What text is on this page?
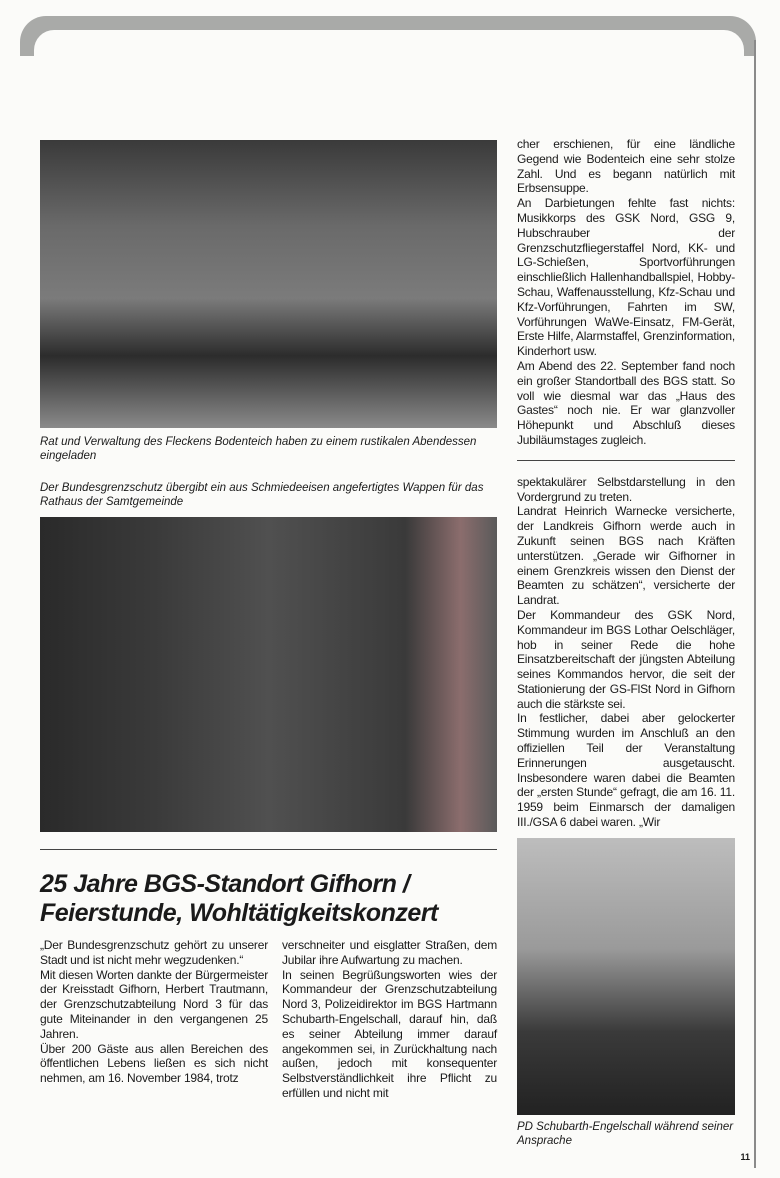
Rat und Verwaltung des Fleckens Bodenteich haben zu einem rustikalen Abendessen eingeladen
Der Bundesgrenzschutz übergibt ein aus Schmiedeeisen angefertigtes Wappen für das Rathaus der Samtgemeinde
25 Jahre BGS-Standort Gifhorn / Feierstunde, Wohltätigkeitskonzert

„Der Bundesgrenzschutz gehört zu unserer Stadt und ist nicht mehr wegzudenken.“

Mit diesen Worten dankte der Bürgermeister der Kreisstadt Gifhorn, Herbert Trautmann, der Grenzschutzabteilung Nord 3 für das gute Miteinander in den vergangenen 25 Jahren.

Über 200 Gäste aus allen Bereichen des öffentlichen Lebens ließen es sich nicht nehmen, am 16. November 1984, trotz

verschneiter und eisglatter Straßen, dem Jubilar ihre Aufwartung zu machen.

In seinen Begrüßungsworten wies der Kommandeur der Grenzschutzabteilung Nord 3, Polizeidirektor im BGS Hartmann Schubarth-Engelschall, darauf hin, daß es seiner Abteilung immer darauf angekommen sei, in Zurückhaltung nach außen, jedoch mit konsequenter Selbstverständlichkeit ihre Pflicht zu erfüllen und nicht mit

cher erschienen, für eine ländliche Gegend wie Bodenteich eine sehr stolze Zahl. Und es begann natürlich mit Erbsensuppe.

An Darbietungen fehlte fast nichts: Musikkorps des GSK Nord, GSG 9, Hubschrauber der Grenzschutzfliegerstaffel Nord, KK- und LG-Schießen, Sportvorführungen einschließlich Hallenhandballspiel, Hobby-Schau, Waffenausstellung, Kfz-Schau und Kfz-Vorführungen, Fahrten im SW, Vorführungen WaWe-Einsatz, FM-Gerät, Erste Hilfe, Alarmstaffel, Grenzinformation, Kinderhort usw.

Am Abend des 22. September fand noch ein großer Standortball des BGS statt. So voll wie diesmal war das „Haus des Gastes“ noch nie. Er war glanzvoller Höhepunkt und Abschluß dieses Jubiläumstages zugleich.

spektakulärer Selbstdarstellung in den Vordergrund zu treten.

Landrat Heinrich Warnecke versicherte, der Landkreis Gifhorn werde auch in Zukunft seinen BGS nach Kräften unterstützen. „Gerade wir Gifhorner in einem Grenzkreis wissen den Dienst der Beamten zu schätzen“, versicherte der Landrat.

Der Kommandeur des GSK Nord, Kommandeur im BGS Lothar Oelschläger, hob in seiner Rede die hohe Einsatzbereitschaft der jüngsten Abteilung seines Kommandos hervor, die seit der Stationierung der GS-FlSt Nord in Gifhorn auch die stärkste sei.

In festlicher, dabei aber gelockerter Stimmung wurden im Anschluß an den offiziellen Teil der Veranstaltung Erinnerungen ausgetauscht. Insbesondere waren dabei die Beamten der „ersten Stunde“ gefragt, die am 16. 11. 1959 beim Einmarsch der damaligen III./GSA 6 dabei waren. „Wir

PD Schubarth-Engelschall während seiner Ansprache
11
